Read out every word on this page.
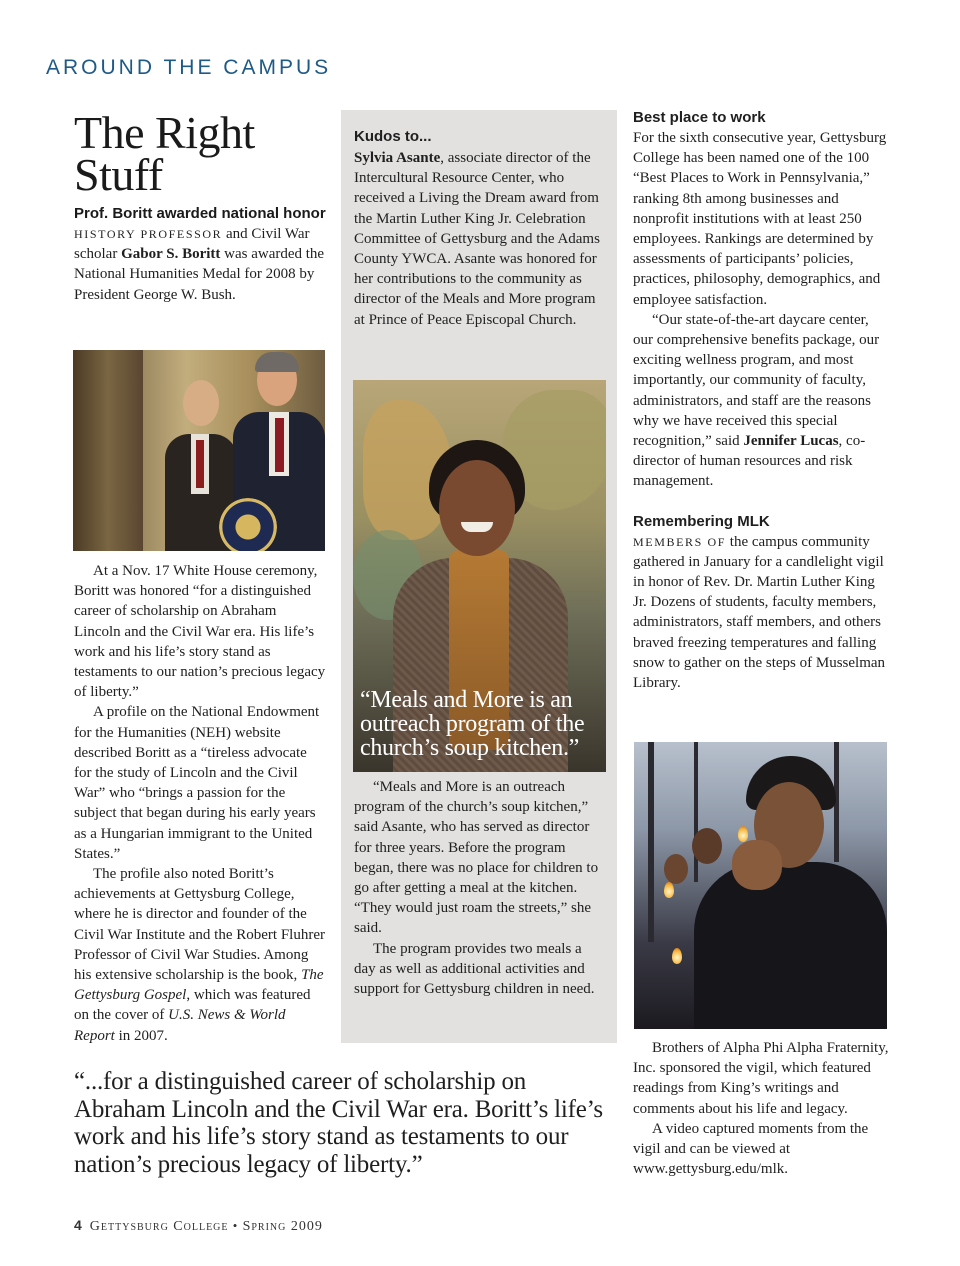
AROUND THE CAMPUS
The Right Stuff
Prof. Boritt awarded national honor

HISTORY PROFESSOR and Civil War scholar Gabor S. Boritt was awarded the National Humanities Medal for 2008 by President George W. Bush.

At a Nov. 17 White House ceremony, Boritt was honored “for a distinguished career of scholarship on Abraham Lincoln and the Civil War era. His life’s work and his life’s story stand as testaments to our nation’s precious legacy of liberty.”

A profile on the National Endowment for the Humanities (NEH) website described Boritt as a “tireless advocate for the study of Lincoln and the Civil War” who “brings a passion for the subject that began during his early years as a Hungarian immigrant to the United States.”

The profile also noted Boritt’s achievements at Gettysburg College, where he is director and founder of the Civil War Institute and the Robert Fluhrer Professor of Civil War Studies. Among his extensive scholarship is the book, The Gettysburg Gospel, which was featured on the cover of U.S. News & World Report in 2007.

Kudos to...

Sylvia Asante, associate director of the Intercultural Resource Center, who received a Living the Dream award from the Martin Luther King Jr. Celebration Committee of Gettysburg and the Adams County YWCA. Asante was honored for her contributions to the community as director of the Meals and More program at Prince of Peace Episcopal Church.

“Meals and More is an outreach program of the church’s soup kitchen.”

“Meals and More is an outreach program of the church’s soup kitchen,” said Asante, who has served as director for three years. Before the program began, there was no place for children to go after getting a meal at the kitchen. “They would just roam the streets,” she said.

The program provides two meals a day as well as additional activities and support for Gettysburg children in need.

Best place to work

For the sixth consecutive year, Gettysburg College has been named one of the 100 “Best Places to Work in Pennsylvania,” ranking 8th among businesses and nonprofit institutions with at least 250 employees. Rankings are determined by assessments of participants’ policies, practices, philosophy, demographics, and employee satisfaction.

“Our state-of-the-art daycare center, our comprehensive benefits package, our exciting wellness program, and most importantly, our community of faculty, administrators, and staff are the reasons why we have received this special recognition,” said Jennifer Lucas, co-director of human resources and risk management.

Remembering MLK

MEMBERS OF the campus community gathered in January for a candlelight vigil in honor of Rev. Dr. Martin Luther King Jr. Dozens of students, faculty members, administrators, staff members, and others braved freezing temperatures and falling snow to gather on the steps of Musselman Library.

Brothers of Alpha Phi Alpha Fraternity, Inc. sponsored the vigil, which featured readings from King’s writings and comments about his life and legacy.

A video captured moments from the vigil and can be viewed at www.gettysburg.edu/mlk.

“...for a distinguished career of scholarship on Abraham Lincoln and the Civil War era. Boritt’s life’s work and his life’s story stand as testaments to our nation’s precious legacy of liberty.”
4 Gettysburg College • Spring 2009
